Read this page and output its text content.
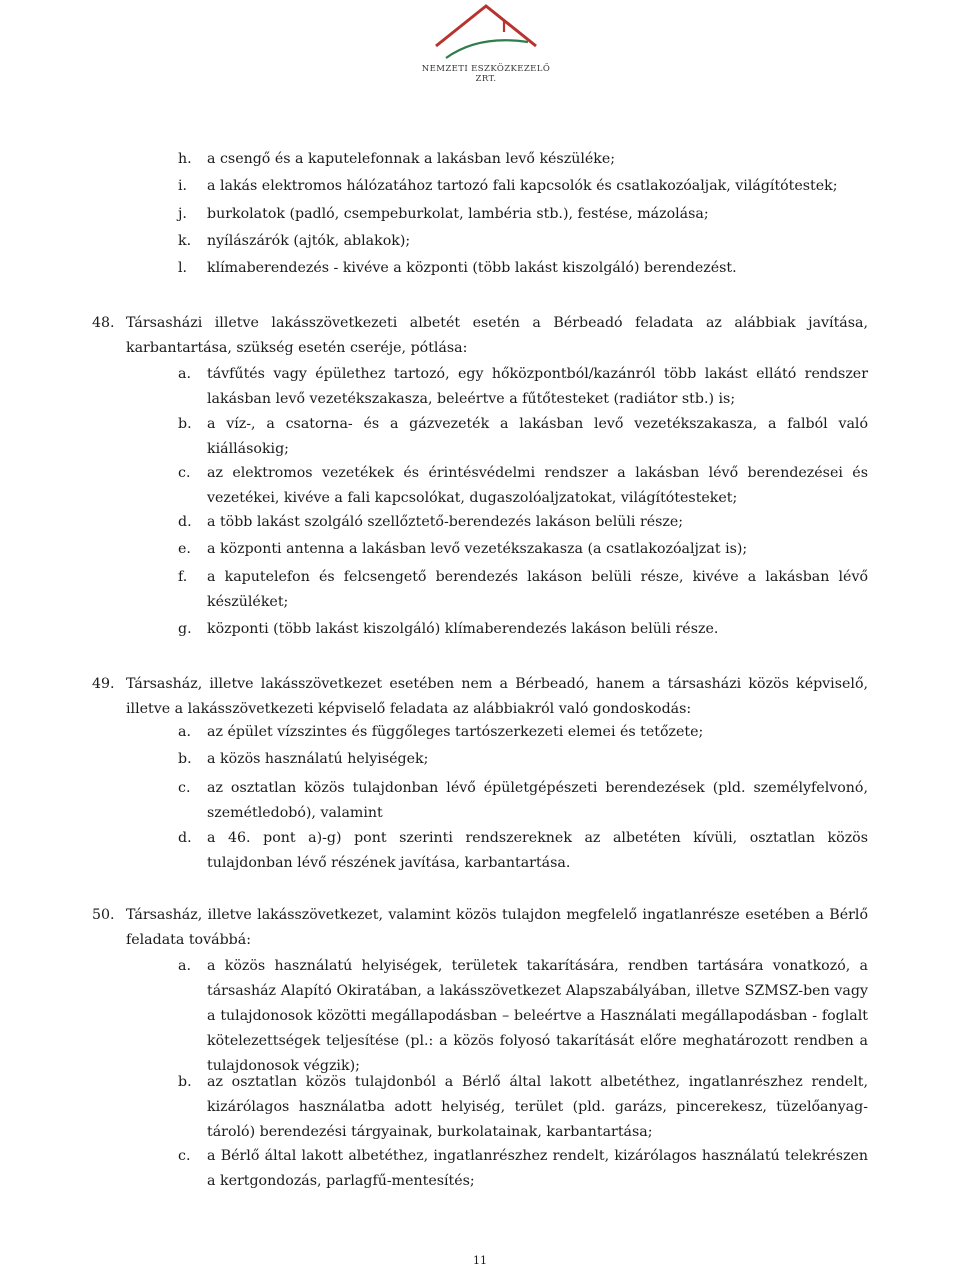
NEMZETI ESZKÖZKEZELŐ ZRT.
h. a csengő és a kaputelefonnak a lakásban levő készüléke;
i. a lakás elektromos hálózatához tartozó fali kapcsolók és csatlakozóaljak, világítótestek;
j. burkolatok (padló, csempeburkolat, lambéria stb.), festése, mázolása;
k. nyílászárók (ajtók, ablakok);
l. klímaberendezés - kivéve a központi (több lakást kiszolgáló) berendezést.
48. Társasházi illetve lakásszövetkezeti albetét esetén a Bérbeadó feladata az alábbiak javítása, karbantartása, szükség esetén cseréje, pótlása:
a. távfűtés vagy épülethez tartozó, egy hőközpontból/kazánról több lakást ellátó rendszer lakásban levő vezetékszakasza, beleértve a fűtőtesteket (radiátor stb.) is;
b. a víz-, a csatorna- és a gázvezeték a lakásban levő vezetékszakasza, a falból való kiállásokig;
c. az elektromos vezetékek és érintésvédelmi rendszer a lakásban lévő berendezései és vezetékei, kivéve a fali kapcsolókat, dugaszolóaljzatokat, világítótesteket;
d. a több lakást szolgáló szellőztető-berendezés lakáson belüli része;
e. a központi antenna a lakásban levő vezetékszakasza (a csatlakozóaljzat is);
f. a kaputelefon és felcsengető berendezés lakáson belüli része, kivéve a lakásban lévő készüléket;
g. központi (több lakást kiszolgáló) klímaberendezés lakáson belüli része.
49. Társasház, illetve lakásszövetkezet esetében nem a Bérbeadó, hanem a társasházi közös képviselő, illetve a lakásszövetkezeti képviselő feladata az alábbiakról való gondoskodás:
a. az épület vízszintes és függőleges tartószerkezeti elemei és tetőzete;
b. a közös használatú helyiségek;
c. az osztatlan közös tulajdonban lévő épületgépészeti berendezések (pld. személyfelvonó, szemétledobó), valamint
d. a 46. pont a)-g) pont szerinti rendszereknek az albetéten kívüli, osztatlan közös tulajdonban lévő részének javítása, karbantartása.
50. Társasház, illetve lakásszövetkezet, valamint közös tulajdon megfelelő ingatlanrésze esetében a Bérlő feladata továbbá:
a. a közös használatú helyiségek, területek takarítására, rendben tartására vonatkozó, a társasház Alapító Okiratában, a lakásszövetkezet Alapszabályában, illetve SZMSZ-ben vagy a tulajdonosok közötti megállapodásban – beleértve a Használati megállapodásban - foglalt kötelezettségek teljesítése (pl.: a közös folyosó takarítását előre meghatározott rendben a tulajdonosok végzik);
b. az osztatlan közös tulajdonból a Bérlő által lakott albetéthez, ingatlanrészhez rendelt, kizárólagos használatba adott helyiség, terület (pld. garázs, pincerekesz, tüzelőanyag-tároló) berendezési tárgyainak, burkolatainak, karbantartása;
c. a Bérlő által lakott albetéthez, ingatlanrészhez rendelt, kizárólagos használatú telekrészen a kertgondozás, parlagfű-mentesítés;
11
